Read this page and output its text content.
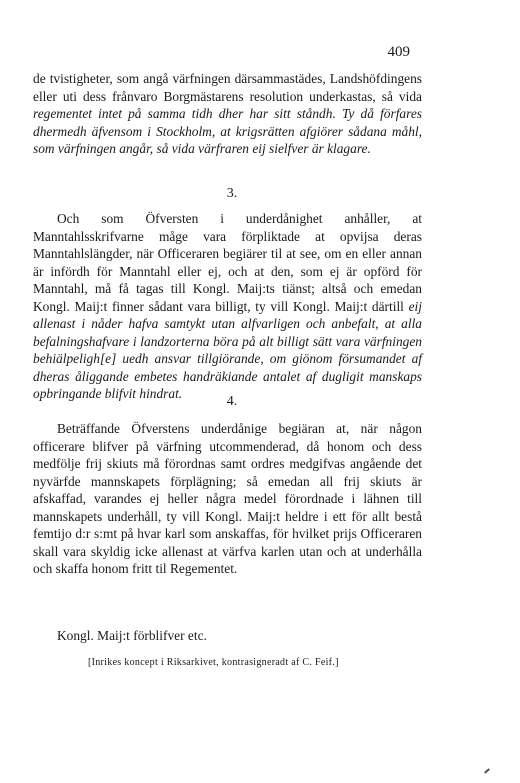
409
de tvistigheter, som angå värfningen därsammastädes, Landshöfdingens eller uti dess frånvaro Borgmästarens resolution underkastas, så vida regementet intet på samma tidh dher har sitt ståndh. Ty då förfares dhermedh äfvensom i Stockholm, at krigsrätten afgiörer sådana måhl, som värfningen angår, så vida värfraren eij sielfver är klagare.
3.
Och som Öfversten i underdånighet anhåller, at Manntahlsskrifvarne måge vara förpliktade at opvijsa deras Manntahlslängder, när Officeraren begiärer til at see, om en eller annan är infördh för Manntahl eller ej, och at den, som ej är opförd för Manntahl, må få tagas till Kongl. Maij:ts tiänst; altså och emedan Kongl. Maij:t finner sådant vara billigt, ty vill Kongl. Maij:t därtill eij allenast i nåder hafva samtykt utan alfvarligen och anbefalt, at alla befalningshafvare i landzorterna böra på alt billigt sätt vara värfningen behiälpeligh[e] uedh ansvar tillgiörande, om giönom försumandet af dheras åliggande embetes handräkiande antalet af dugligit manskaps opbringande blifvit hindrat.
4.
Beträffande Öfverstens underdånige begiäran at, när någon officerare blifver på värfning utcommenderad, då honom och dess medfölje frij skiuts må förordnas samt ordres medgifvas angående det nyvärfde mannskapets förplägning; så emedan all frij skiuts är afskaffad, varandes ej heller några medel förordnade i lähnen till mannskapets underhåll, ty vill Kongl. Maij:t heldre i ett för allt bestå femtijo d:r s:mt på hvar karl som anskaffas, för hvilket prijs Officeraren skall vara skyldig icke allenast at värfva karlen utan och at underhålla och skaffa honom fritt til Regementet.
Kongl. Maij:t förblifver etc.
[Inrikes koncept i Riksarkivet, kontrasigneradt af C. Feif.]
